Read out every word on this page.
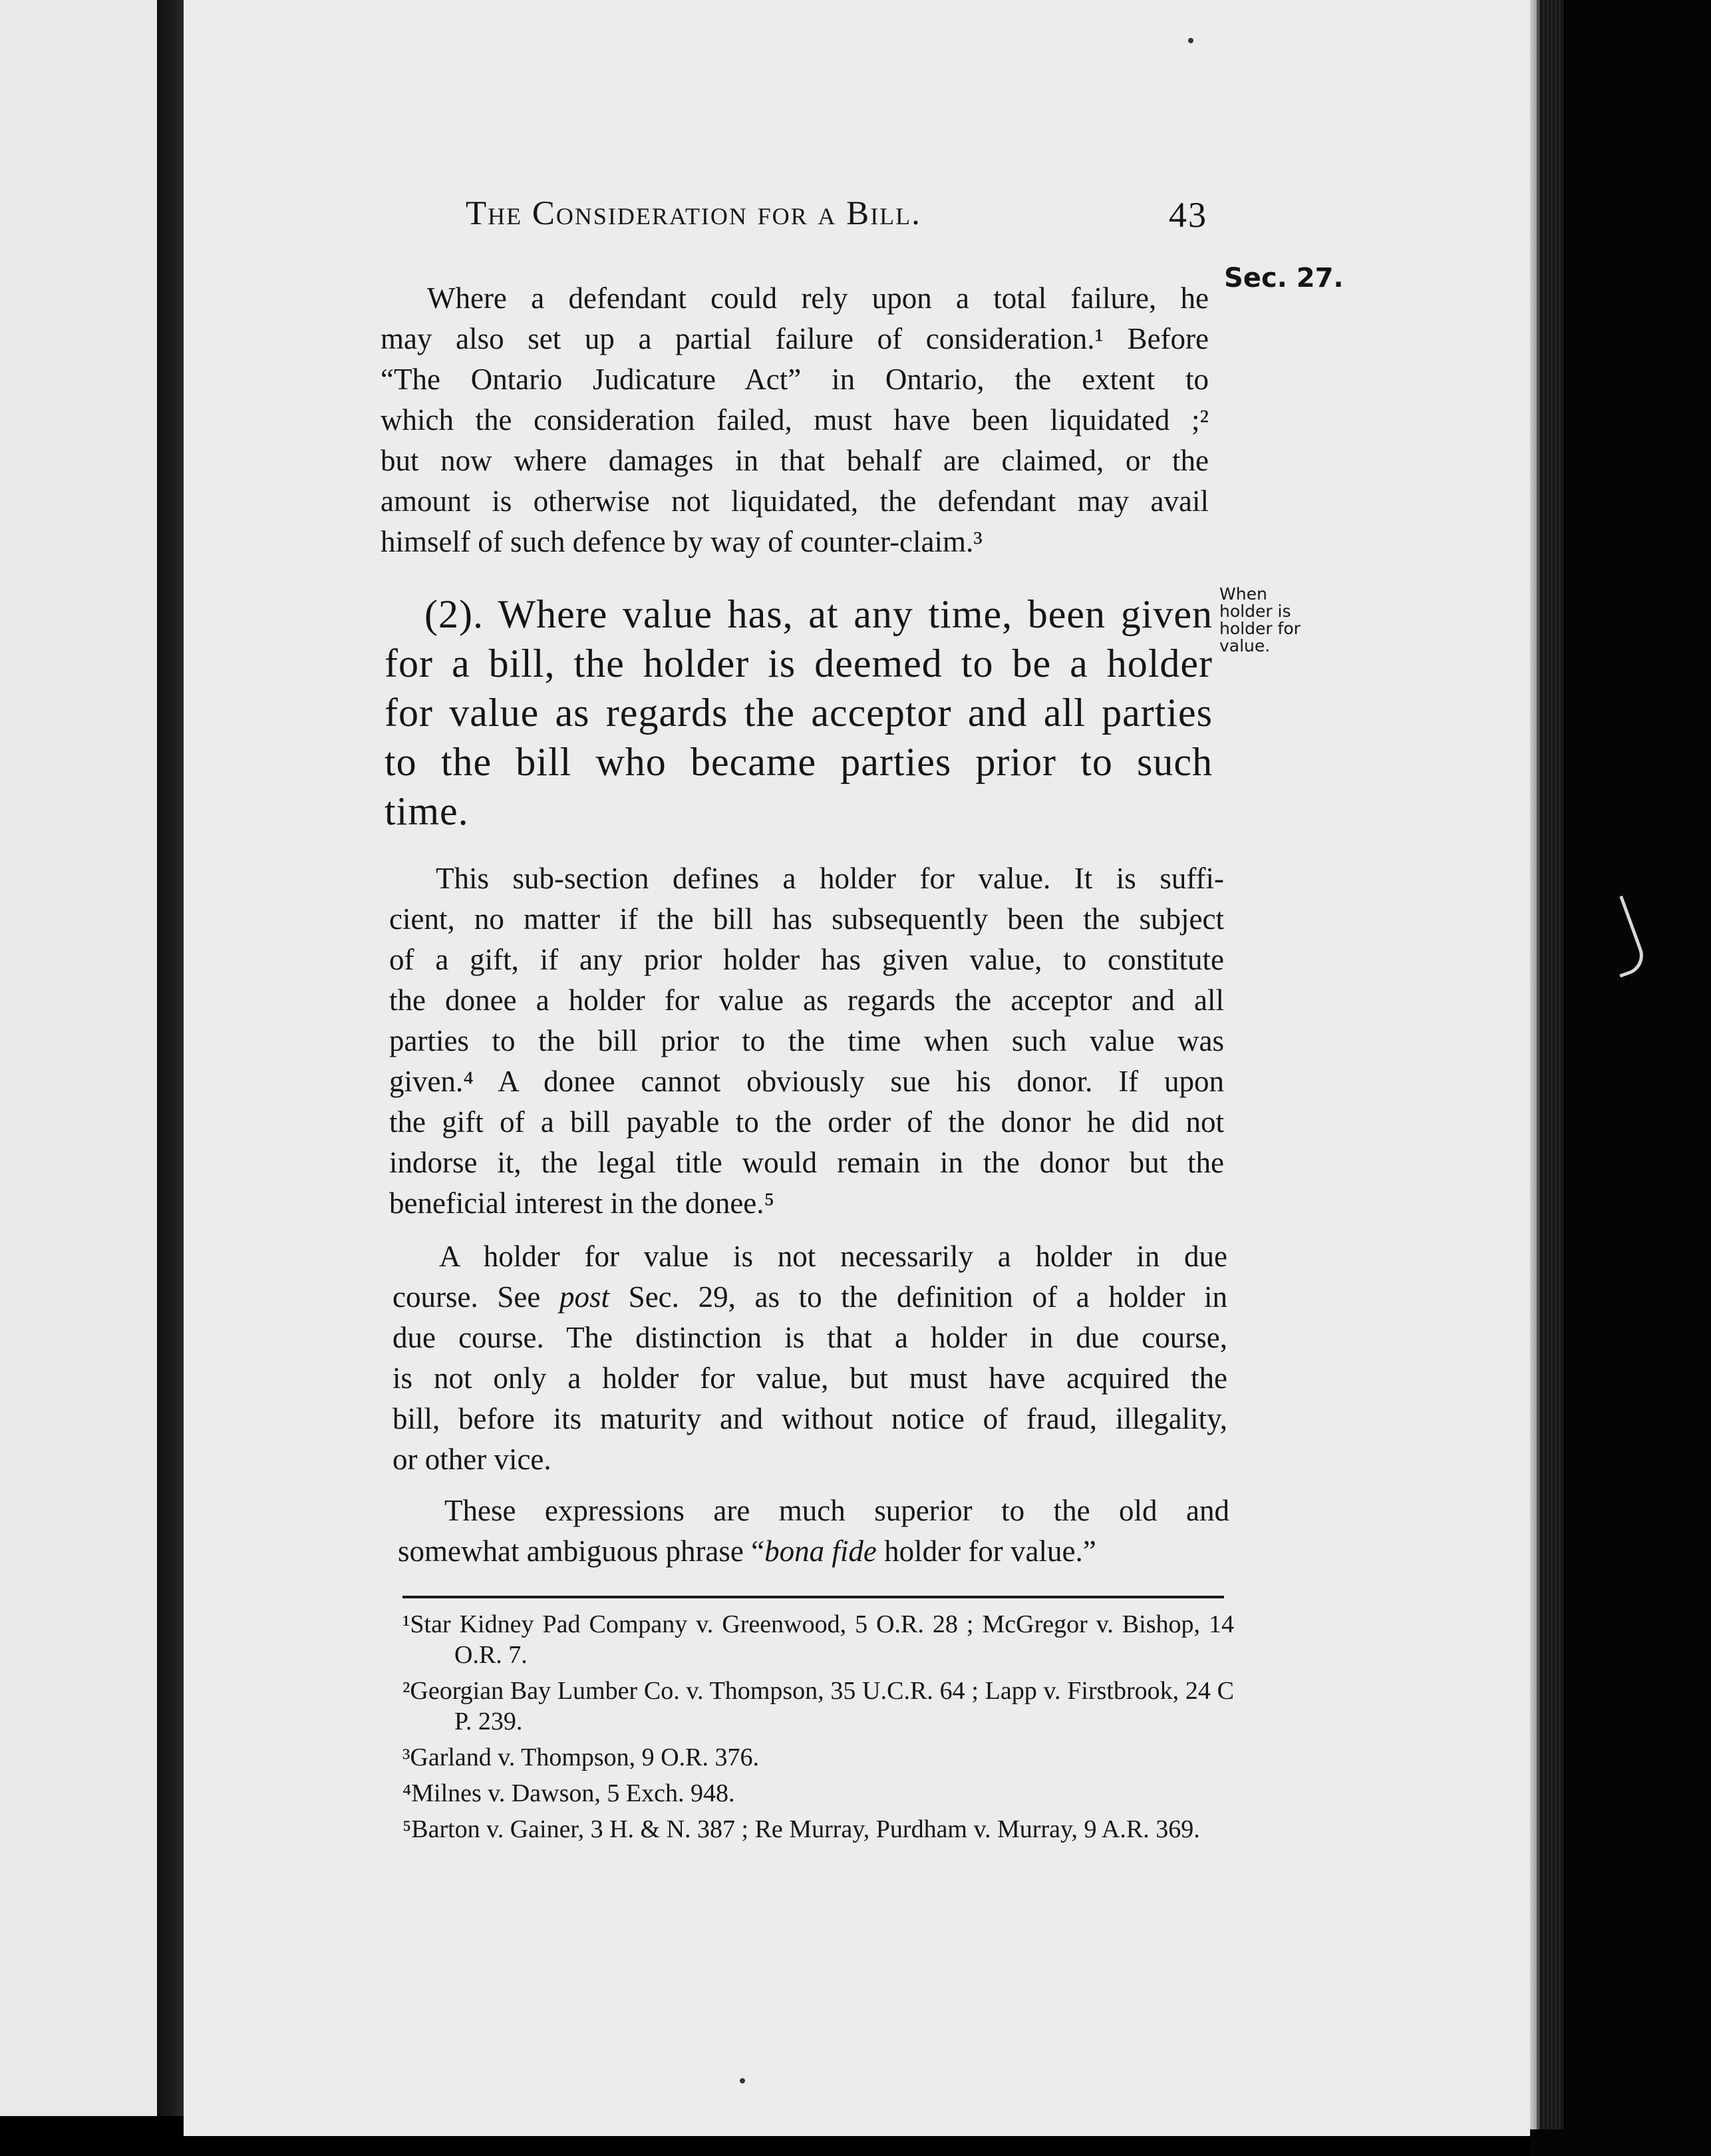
The Consideration for a Bill.	43
Sec. 27.
When
holder is
holder for
value.
Where a defendant could rely upon a total failure, he
may also set up a partial failure of consideration.¹ Before
“The Ontario Judicature Act” in Ontario, the extent to
which the consideration failed, must have been liquidated ;²
but now where damages in that behalf are claimed, or the
amount is otherwise not liquidated, the defendant may avail
himself of such defence by way of counter-claim.³
(2). Where value has, at any time, been given
for a bill, the holder is deemed to be a holder
for value as regards the acceptor and all parties
to the bill who became parties prior to such
time.
This sub-section defines a holder for value. It is suffi-
cient, no matter if the bill has subsequently been the subject
of a gift, if any prior holder has given value, to constitute
the donee a holder for value as regards the acceptor and all
parties to the bill prior to the time when such value was
given.⁴ A donee cannot obviously sue his donor. If upon
the gift of a bill payable to the order of the donor he did not
indorse it, the legal title would remain in the donor but the
beneficial interest in the donee.⁵
A holder for value is not necessarily a holder in due
course. See post Sec. 29, as to the definition of a holder in
due course. The distinction is that a holder in due course,
is not only a holder for value, but must have acquired the
bill, before its maturity and without notice of fraud, illegality,
or other vice.
These expressions are much superior to the old and
somewhat ambiguous phrase “bona fide holder for value.”
¹Star Kidney Pad Company v. Greenwood, 5 O.R. 28 ; McGregor v. Bishop, 14 O.R. 7.
²Georgian Bay Lumber Co. v. Thompson, 35 U.C.R. 64 ; Lapp v. Firstbrook, 24 C P. 239.
³Garland v. Thompson, 9 O.R. 376.
⁴Milnes v. Dawson, 5 Exch. 948.
⁵Barton v. Gainer, 3 H. & N. 387 ; Re Murray, Purdham v. Murray, 9 A.R. 369.
